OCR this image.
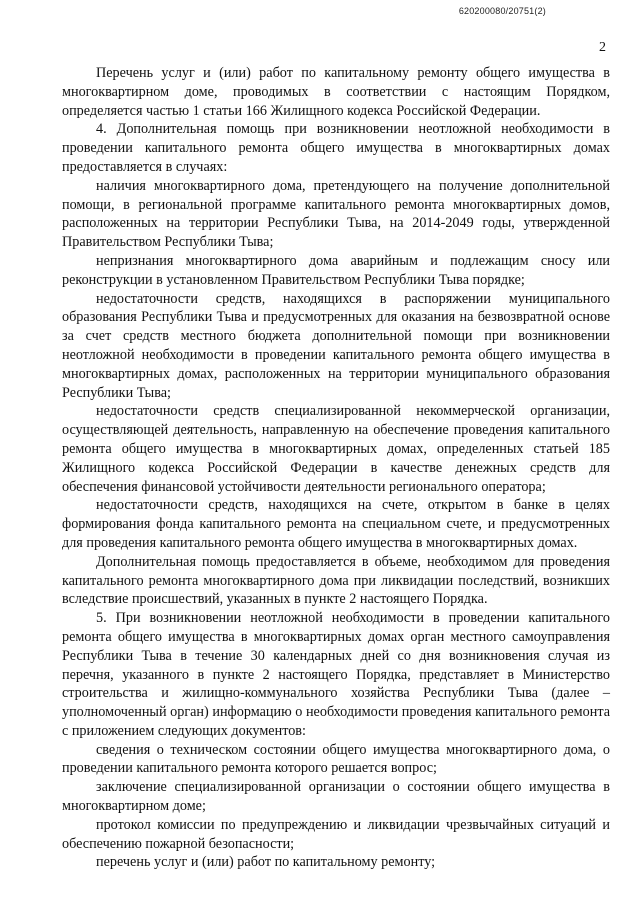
620200080/20751(2)
2

Перечень услуг и (или) работ по капитальному ремонту общего имущества в многоквартирном доме, проводимых в соответствии с настоящим Порядком, определяется частью 1 статьи 166 Жилищного кодекса Российской Федерации.

4. Дополнительная помощь при возникновении неотложной необходимости в проведении капитального ремонта общего имущества в многоквартирных домах предоставляется в случаях:

наличия многоквартирного дома, претендующего на получение дополнительной помощи, в региональной программе капитального ремонта многоквартирных домов, расположенных на территории Республики Тыва, на 2014-2049 годы, утвержденной Правительством Республики Тыва;

непризнания многоквартирного дома аварийным и подлежащим сносу или реконструкции в установленном Правительством Республики Тыва порядке;

недостаточности средств, находящихся в распоряжении муниципального образования Республики Тыва и предусмотренных для оказания на безвозвратной основе за счет средств местного бюджета дополнительной помощи при возникновении неотложной необходимости в проведении капитального ремонта общего имущества в многоквартирных домах, расположенных на территории муниципального образования Республики Тыва;

недостаточности средств специализированной некоммерческой организации, осуществляющей деятельность, направленную на обеспечение проведения капитального ремонта общего имущества в многоквартирных домах, определенных статьей 185 Жилищного кодекса Российской Федерации в качестве денежных средств для обеспечения финансовой устойчивости деятельности регионального оператора;

недостаточности средств, находящихся на счете, открытом в банке в целях формирования фонда капитального ремонта на специальном счете, и предусмотренных для проведения капитального ремонта общего имущества в многоквартирных домах.

Дополнительная помощь предоставляется в объеме, необходимом для проведения капитального ремонта многоквартирного дома при ликвидации последствий, возникших вследствие происшествий, указанных в пункте 2 настоящего Порядка.

5. При возникновении неотложной необходимости в проведении капитального ремонта общего имущества в многоквартирных домах орган местного самоуправления Республики Тыва в течение 30 календарных дней со дня возникновения случая из перечня, указанного в пункте 2 настоящего Порядка, представляет в Министерство строительства и жилищно-коммунального хозяйства Республики Тыва (далее – уполномоченный орган) информацию о необходимости проведения капитального ремонта с приложением следующих документов:

сведения о техническом состоянии общего имущества многоквартирного дома, о проведении капитального ремонта которого решается вопрос;

заключение специализированной организации о состоянии общего имущества в многоквартирном доме;

протокол комиссии по предупреждению и ликвидации чрезвычайных ситуаций и обеспечению пожарной безопасности;

перечень услуг и (или) работ по капитальному ремонту;
